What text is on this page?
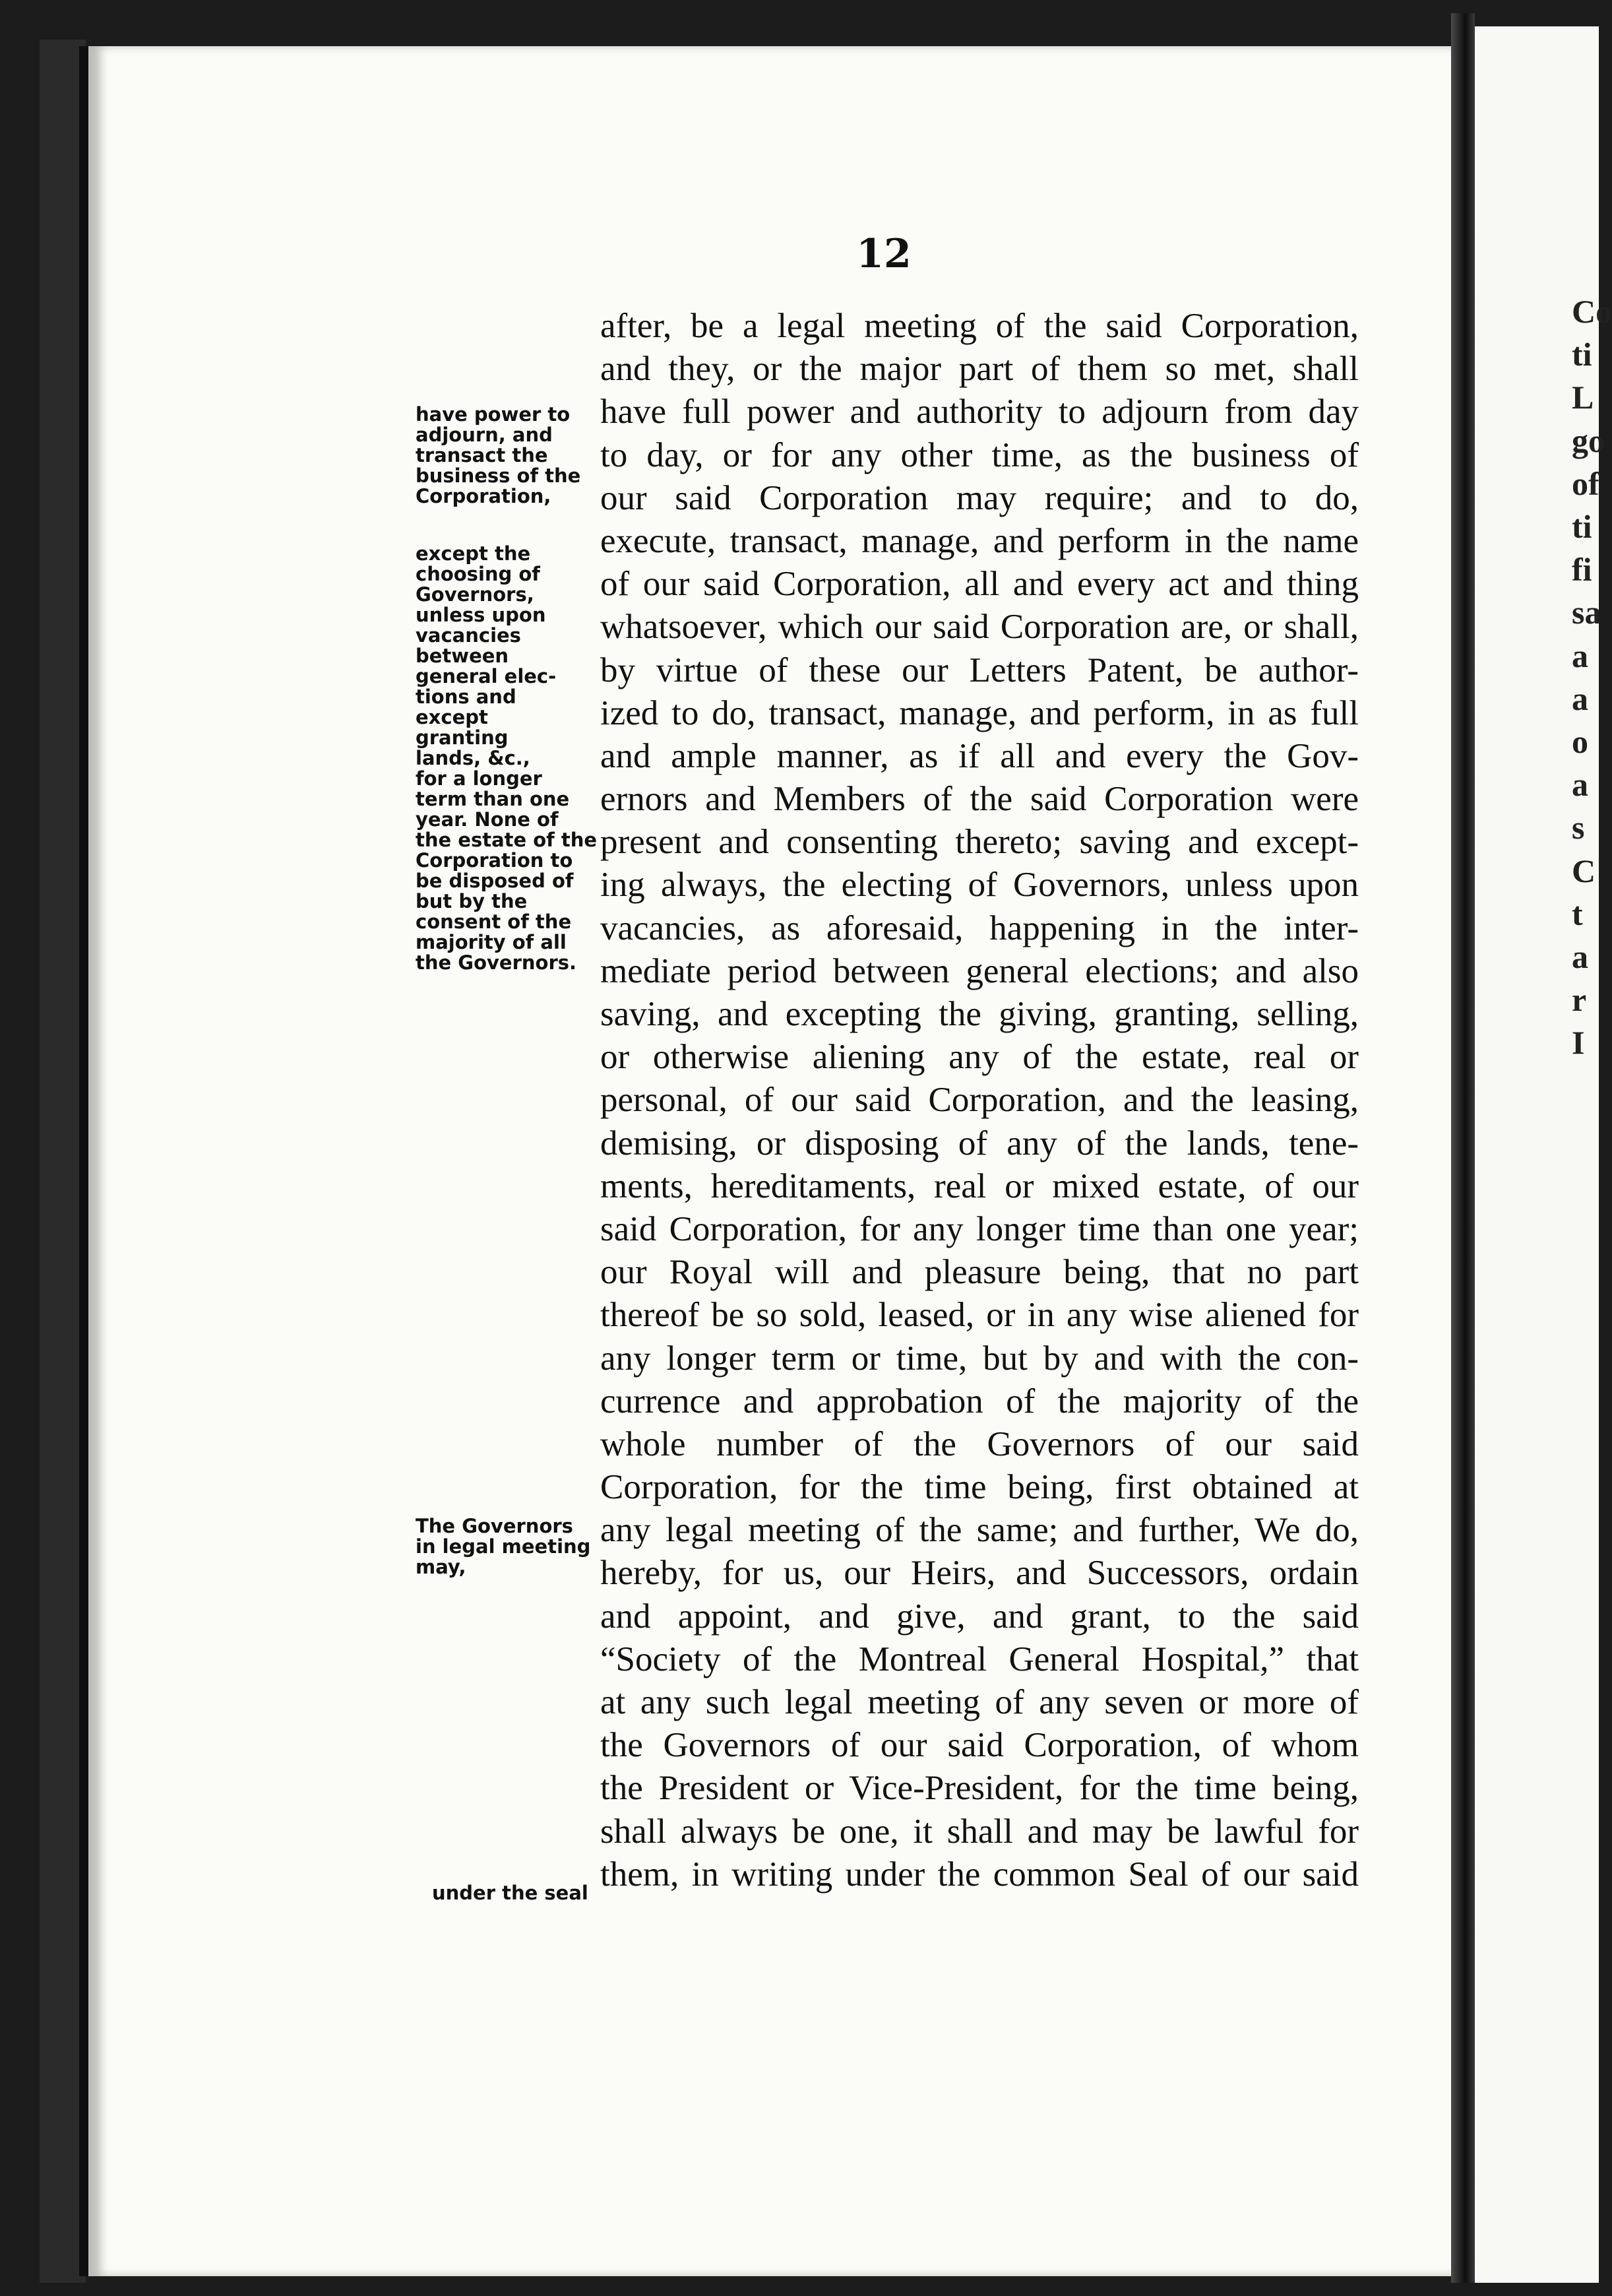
12
after, be a legal meeting of the said Corporation,
and they, or the major part of them so met, shall
have full power and authority to adjourn from day
to day, or for any other time, as the business of
our said Corporation may require; and to do,
execute, transact, manage, and perform in the name
of our said Corporation, all and every act and thing
whatsoever, which our said Corporation are, or shall,
by virtue of these our Letters Patent, be author-
ized to do, transact, manage, and perform, in as full
and ample manner, as if all and every the Gov-
ernors and Members of the said Corporation were
present and consenting thereto; saving and except-
ing always, the electing of Governors, unless upon
vacancies, as aforesaid, happening in the inter-
mediate period between general elections; and also
saving, and excepting the giving, granting, selling,
or otherwise aliening any of the estate, real or
personal, of our said Corporation, and the leasing,
demising, or disposing of any of the lands, tene-
ments, hereditaments, real or mixed estate, of our
said Corporation, for any longer time than one year;
our Royal will and pleasure being, that no part
thereof be so sold, leased, or in any wise aliened for
any longer term or time, but by and with the con-
currence and approbation of the majority of the
whole number of the Governors of our said
Corporation, for the time being, first obtained at
any legal meeting of the same; and further, We do,
hereby, for us, our Heirs, and Successors, ordain
and appoint, and give, and grant, to the said
“Society of the Montreal General Hospital,” that
at any such legal meeting of any seven or more of
the Governors of our said Corporation, of whom
the President or Vice-President, for the time being,
shall always be one, it shall and may be lawful for
them, in writing under the common Seal of our said
have power to
adjourn, and
transact the
business of the
Corporation,
except the
choosing of
Governors,
unless upon
vacancies
between
general elec-
tions and
except
granting
lands, &c.,
for a longer
term than one
year. None of
the estate of the
Corporation to
be disposed of
but by the
consent of the
majority of all
the Governors.
The Governors
in legal meeting
may,
under the seal
Co
ti
L
go
of
ti
fi
sa
a
a
o
a
s
C
t
a
r
I
